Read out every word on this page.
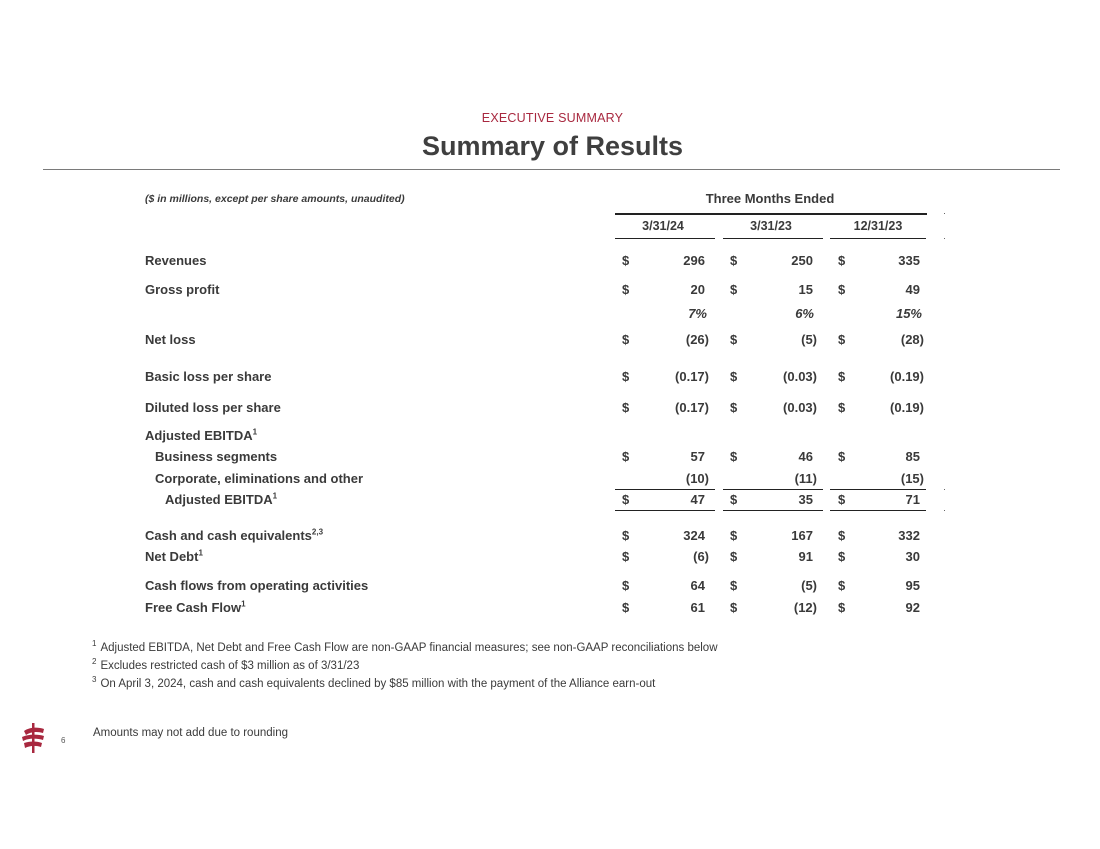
EXECUTIVE SUMMARY
Summary of Results
($ in millions, except per share amounts, unaudited)	Three Months Ended
3/31/24	3/31/23	12/31/23
Revenues	$	296 $	250 $	335
Gross profit	$	20 $	15 $	49
7%	6%	15%
Net loss	$	(26) $	(5) $	(28)
Basic loss per share	$	(0.17) $	(0.03) $	(0.19)
Diluted loss per share	$	(0.17) $	(0.03) $	(0.19)
Adjusted EBITDA$^1$
Business segments	$	57 $	46 $	85
Corporate, eliminations and other	(10)	(11)	(15)
Adjusted EBITDA$^1$	$	47 $	35 $	71
Cash and cash equivalents$^{2,3}$	$	324 $	167 $	332
Net Debt$^1$	$	(6) $	91 $	30
Cash flows from operating activities	$	64 $	(5) $	95
Free Cash Flow$^1$	$	61 $	(12) $	92
$^1$ Adjusted EBITDA, Net Debt and Free Cash Flow are non-GAAP financial measures; see non-GAAP reconciliations below
$^2$ Excludes restricted cash of $3 million as of 3/31/23
$^3$ On April 3, 2024, cash and cash equivalents declined by $85 million with the payment of the Alliance earn-out
6
Amounts may not add due to rounding
